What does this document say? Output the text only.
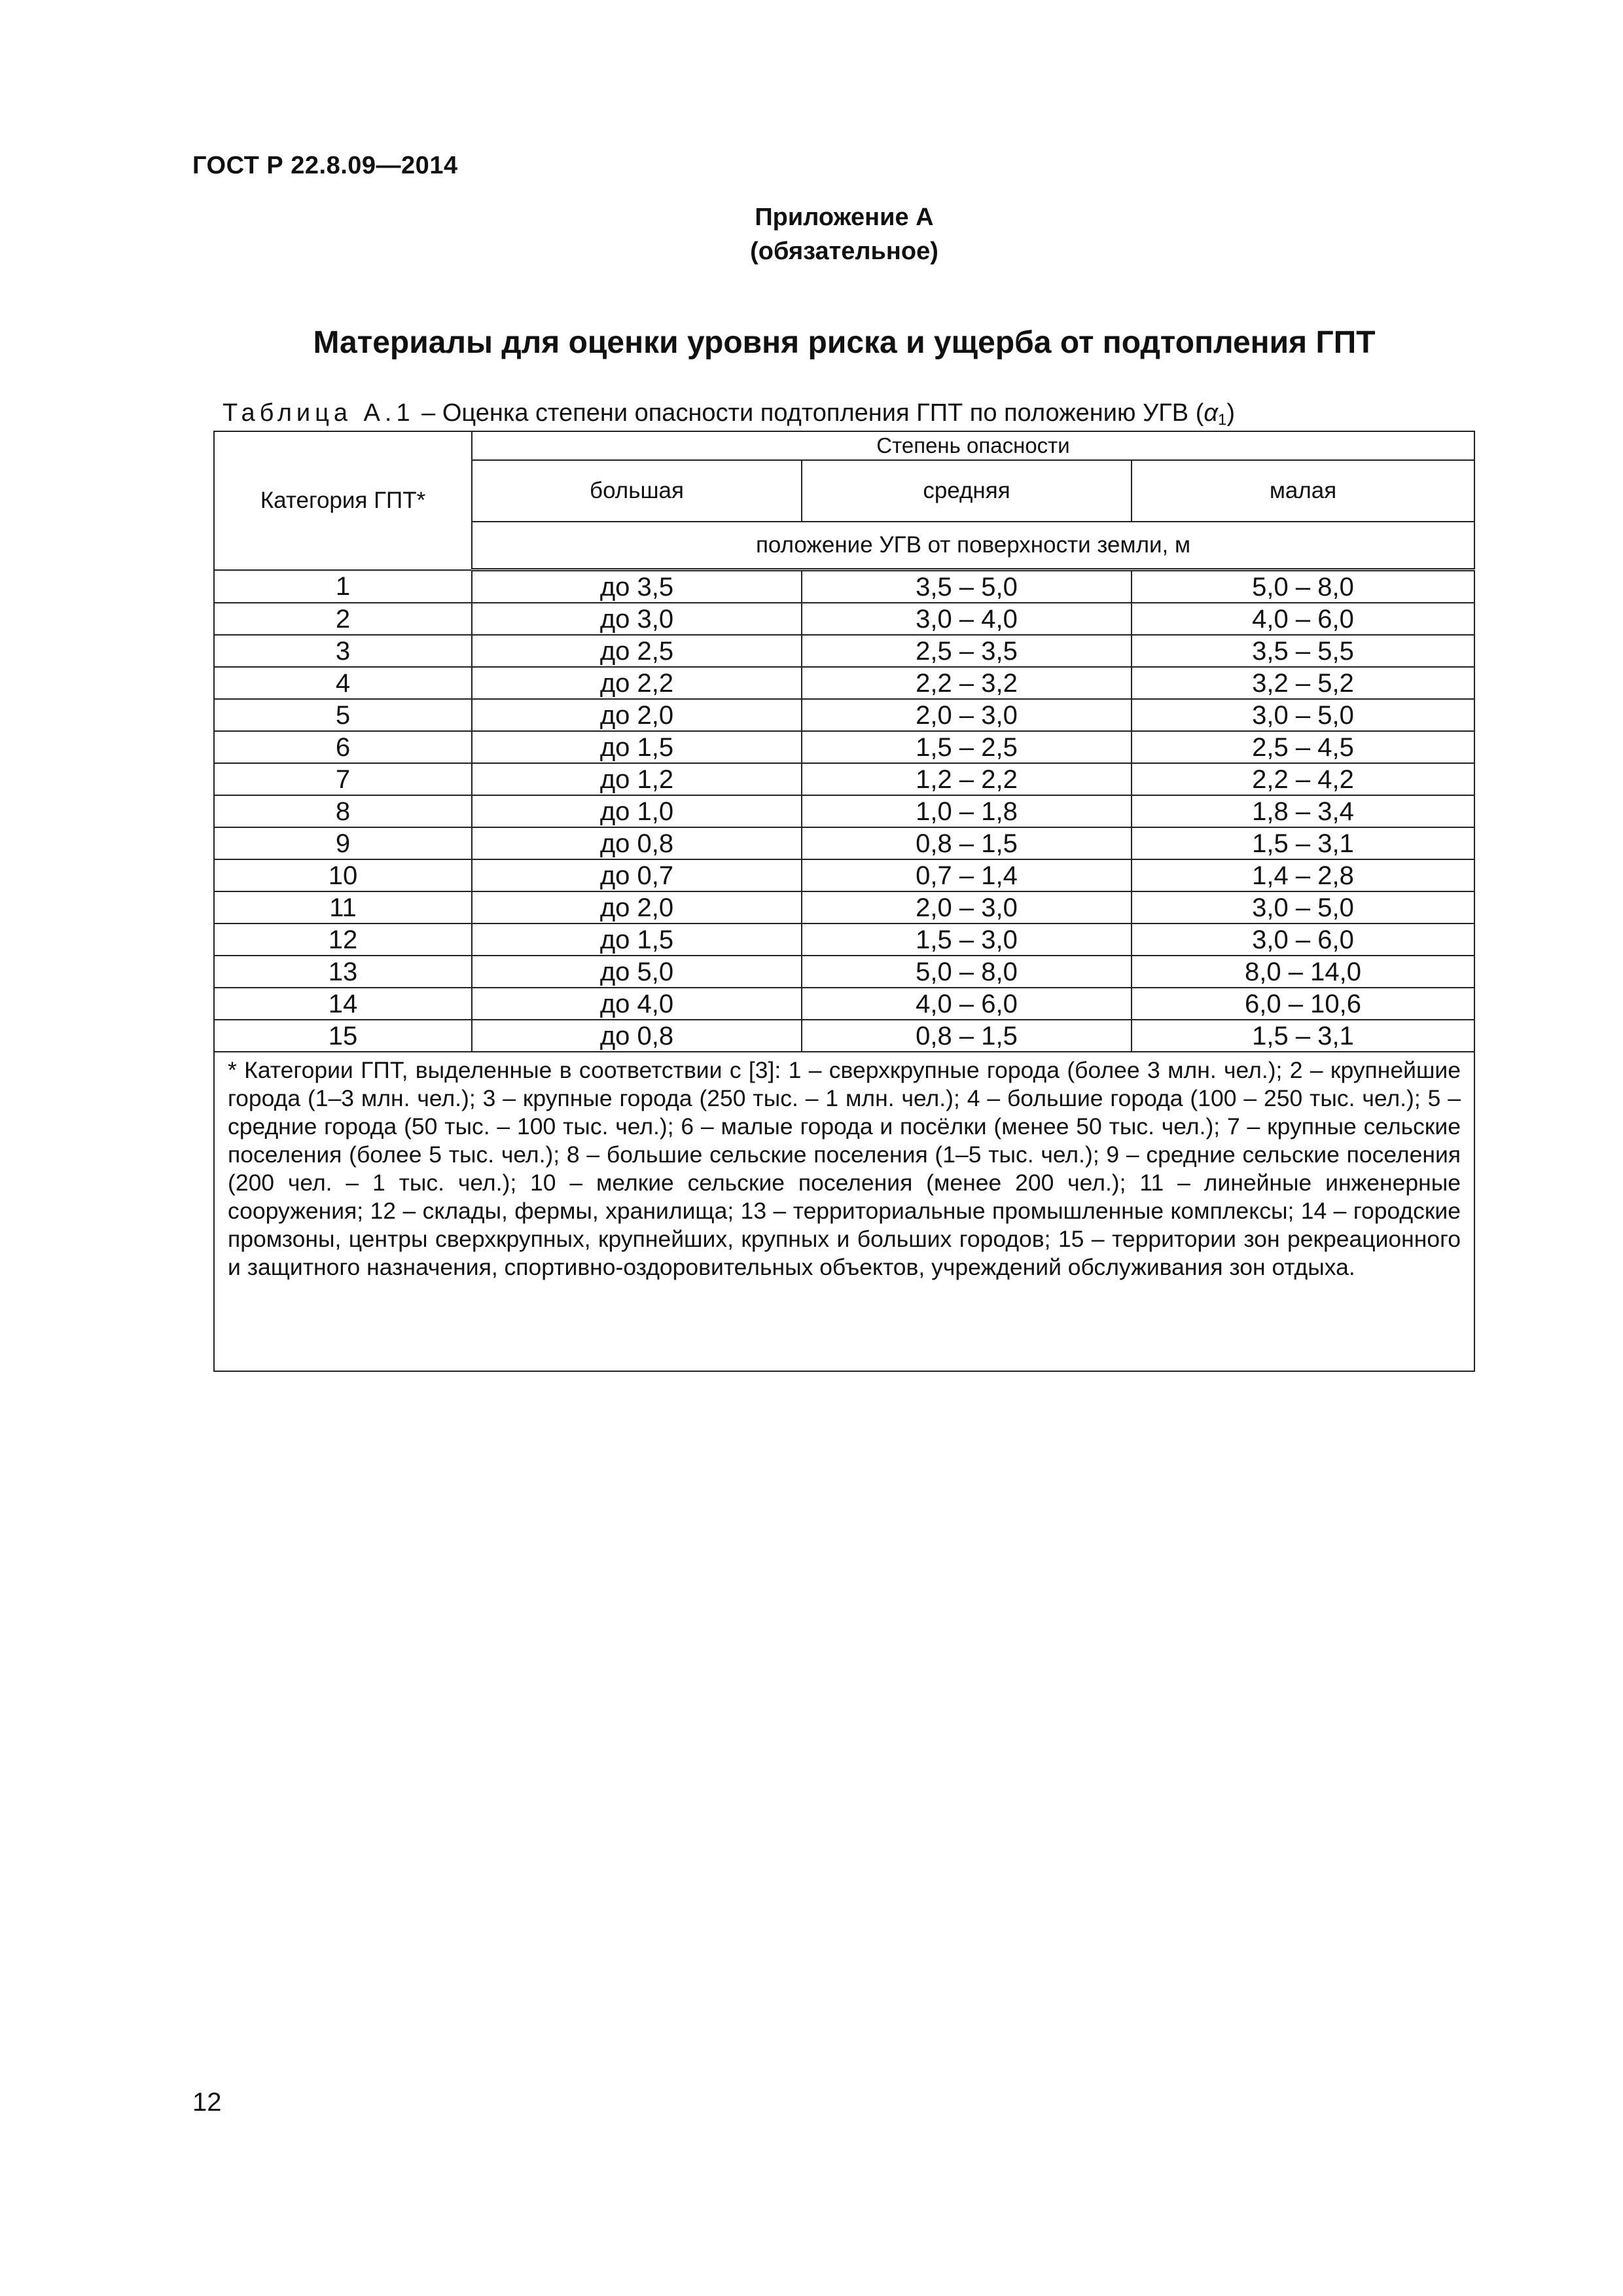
ГОСТ Р 22.8.09—2014
Приложение А
(обязательное)
Материалы для оценки уровня риска и ущерба от подтопления ГПТ
Таблица А.1 – Оценка степени опасности подтопления ГПТ по положению УГВ (α1)
Категория ГПТ*	Степень опасности		
	большая	средняя	малая
	положение УГВ от поверхности земли, м		
1	до 3,5	3,5 – 5,0	5,0 – 8,0
2	до 3,0	3,0 – 4,0	4,0 – 6,0
3	до 2,5	2,5 – 3,5	3,5 – 5,5
4	до 2,2	2,2 – 3,2	3,2 – 5,2
5	до 2,0	2,0 – 3,0	3,0 – 5,0
6	до 1,5	1,5 – 2,5	2,5 – 4,5
7	до 1,2	1,2 – 2,2	2,2 – 4,2
8	до 1,0	1,0 – 1,8	1,8 – 3,4
9	до 0,8	0,8 – 1,5	1,5 – 3,1
10	до 0,7	0,7 – 1,4	1,4 – 2,8
11	до 2,0	2,0 – 3,0	3,0 – 5,0
12	до 1,5	1,5 – 3,0	3,0 – 6,0
13	до 5,0	5,0 – 8,0	8,0 – 14,0
14	до 4,0	4,0 – 6,0	6,0 – 10,6
15	до 0,8	0,8 – 1,5	1,5 – 3,1
* Категории ГПТ, выделенные в соответствии с [3]: 1 – сверхкрупные города (более 3 млн. чел.); 2 – крупнейшие города (1–3 млн. чел.); 3 – крупные города (250 тыс. – 1 млн. чел.); 4 – большие города (100 – 250 тыс. чел.); 5 – средние города (50 тыс. – 100 тыс. чел.); 6 – малые города и посёлки (менее 50 тыс. чел.); 7 – крупные сельские поселения (более 5 тыс. чел.); 8 – большие сельские поселения (1–5 тыс. чел.); 9 – средние сельские поселения (200 чел. – 1 тыс. чел.); 10 – мелкие сельские поселения (менее 200 чел.); 11 – линейные инженерные сооружения; 12 – склады, фермы, хранилища; 13 – территориальные промышленные комплексы; 14 – городские промзоны, центры сверхкрупных, крупнейших, крупных и больших городов; 15 – территории зон рекреационного и защитного назначения, спортивно-оздоровительных объектов, учреждений обслуживания зон отдыха.			
12
